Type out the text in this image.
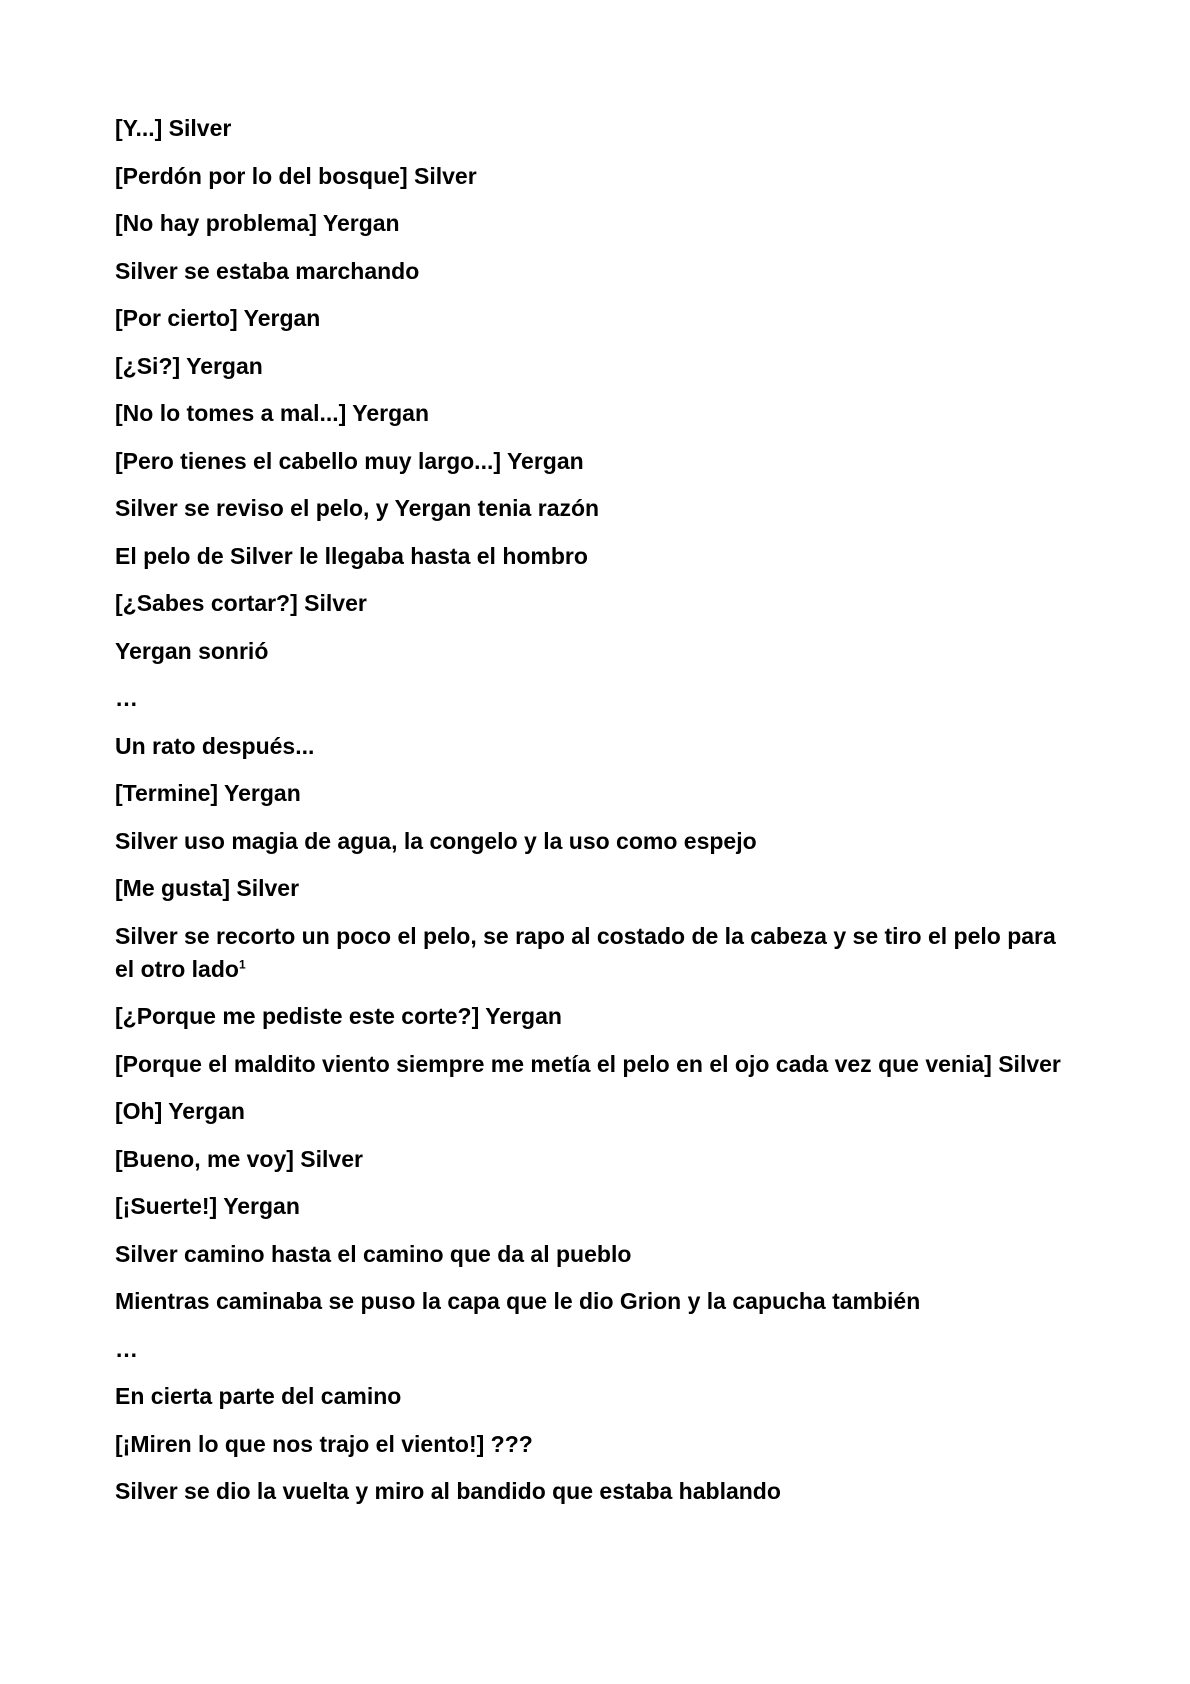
[Y...] Silver

[Perdón por lo del bosque] Silver

[No hay problema] Yergan

Silver se estaba marchando

[Por cierto] Yergan

[¿Si?] Yergan

[No lo tomes a mal...] Yergan

[Pero tienes el cabello muy largo...] Yergan

Silver se reviso el pelo, y Yergan tenia razón

El pelo de Silver le llegaba hasta el hombro

[¿Sabes cortar?] Silver

Yergan sonrió

…

Un rato después...

[Termine] Yergan

Silver uso magia de agua, la congelo y la uso como espejo

[Me gusta] Silver

Silver se recorto un poco el pelo, se rapo al costado de la cabeza y se tiro el pelo para el otro lado$^1$

[¿Porque me pediste este corte?] Yergan

[Porque el maldito viento siempre me metía el pelo en el ojo cada vez que venia] Silver

[Oh] Yergan

[Bueno, me voy] Silver

[¡Suerte!] Yergan

Silver camino hasta el camino que da al pueblo

Mientras caminaba se puso la capa que le dio Grion y la capucha también

…

En cierta parte del camino

[¡Miren lo que nos trajo el viento!] ???

Silver se dio la vuelta y miro al bandido que estaba hablando
